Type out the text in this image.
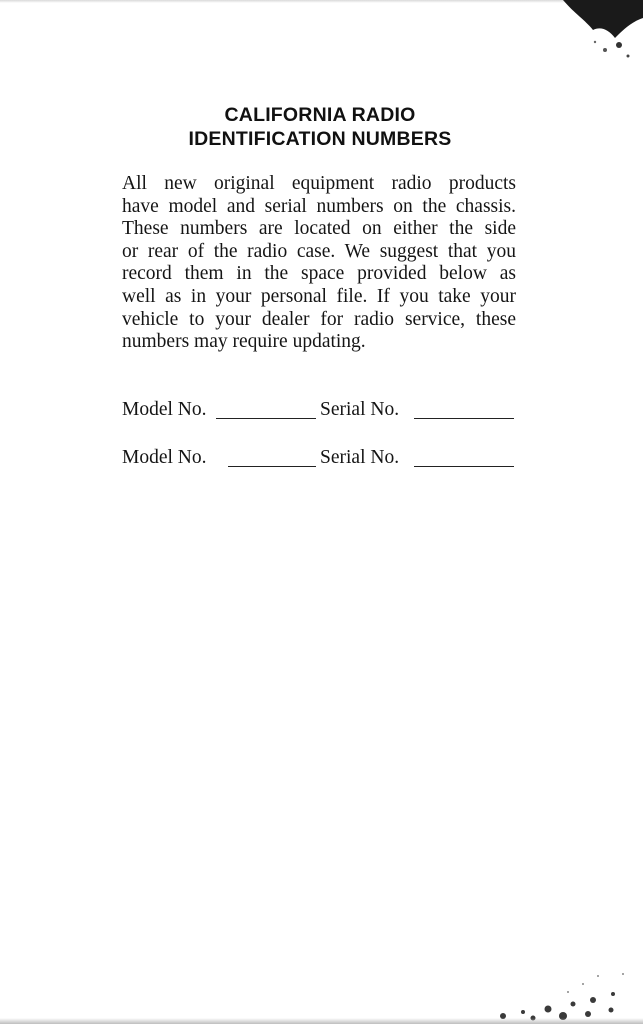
CALIFORNIA RADIO
IDENTIFICATION NUMBERS
All new original equipment radio products
have model and serial numbers on the chassis.
These numbers are located on either the side
or rear of the radio case. We suggest that you
record them in the space provided below as
well as in your personal file. If you take your
vehicle to your dealer for radio service, these
numbers may require updating.
Model No.	Serial No.
Model No.	Serial No.
